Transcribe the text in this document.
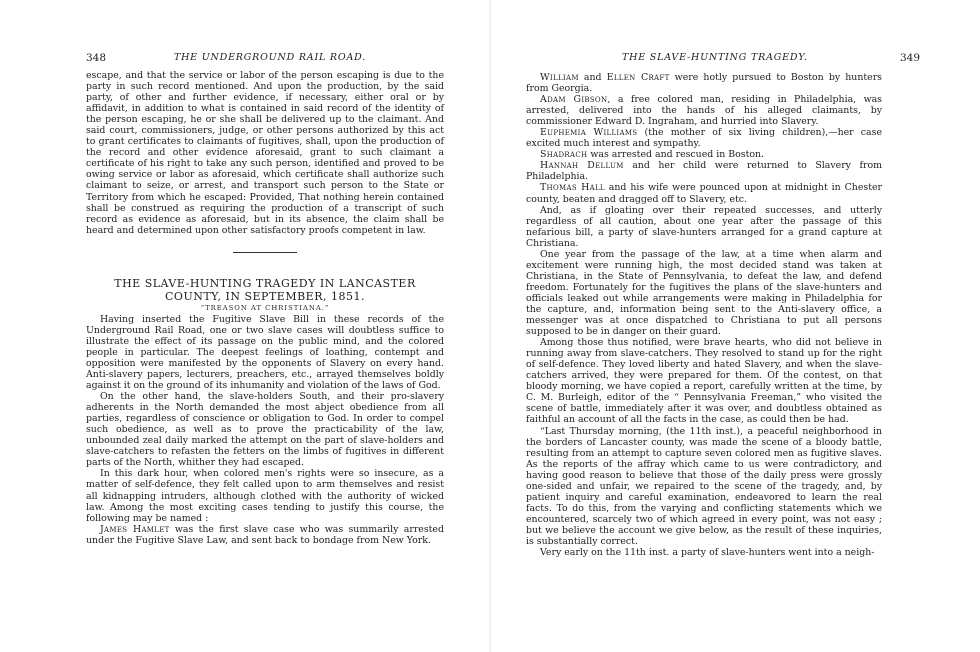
348	THE UNDERGROUND RAIL ROAD.

escape, and that the service or labor of the person escaping is due to the party in such record mentioned. And upon the production, by the said party, of other and further evidence, if necessary, either oral or by affidavit, in addition to what is contained in said record of the identity of the person escaping, he or she shall be delivered up to the claimant. And said court, commissioners, judge, or other persons authorized by this act to grant certificates to claimants of fugitives, shall, upon the production of the record and other evidence aforesaid, grant to such claimant a certificate of his right to take any such person, identified and proved to be owing service or labor as aforesaid, which certificate shall authorize such claimant to seize, or arrest, and transport such person to the State or Territory from which he escaped: Provided, That nothing herein contained shall be construed as requiring the production of a transcript of such record as evidence as aforesaid, but in its absence, the claim shall be heard and determined upon other satisfactory proofs competent in law.

THE SLAVE-HUNTING TRAGEDY IN LANCASTER COUNTY, IN SEPTEMBER, 1851.

“TREASON AT CHRISTIANA.”

Having inserted the Fugitive Slave Bill in these records of the Underground Rail Road, one or two slave cases will doubtless suffice to illustrate the effect of its passage on the public mind, and the colored people in particular. The deepest feelings of loathing, contempt and opposition were manifested by the opponents of Slavery on every hand. Anti-slavery papers, lecturers, preachers, etc., arrayed themselves boldly against it on the ground of its inhumanity and violation of the laws of God.

On the other hand, the slave-holders South, and their pro-slavery adherents in the North demanded the most abject obedience from all parties, regardless of conscience or obligation to God. In order to compel such obedience, as well as to prove the practicability of the law, unbounded zeal daily marked the attempt on the part of slave-holders and slave-catchers to refasten the fetters on the limbs of fugitives in different parts of the North, whither they had escaped.

In this dark hour, when colored men's rights were so insecure, as a matter of self-defence, they felt called upon to arm themselves and resist all kidnapping intruders, although clothed with the authority of wicked law. Among the most exciting cases tending to justify this course, the following may be named :

James Hamlet was the first slave case who was summarily arrested under the Fugitive Slave Law, and sent back to bondage from New York.

THE SLAVE-HUNTING TRAGEDY.	349

William and Ellen Craft were hotly pursued to Boston by hunters from Georgia.

Adam Gibson, a free colored man, residing in Philadelphia, was arrested, delivered into the hands of his alleged claimants, by commissioner Edward D. Ingraham, and hurried into Slavery.

Euphemia Williams (the mother of six living children),—her case excited much interest and sympathy.

Shadrach was arrested and rescued in Boston.

Hannah Dellum and her child were returned to Slavery from Philadelphia.

Thomas Hall and his wife were pounced upon at midnight in Chester county, beaten and dragged off to Slavery, etc.

And, as if gloating over their repeated successes, and utterly regardless of all caution, about one year after the passage of this nefarious bill, a party of slave-hunters arranged for a grand capture at Christiana.

One year from the passage of the law, at a time when alarm and excitement were running high, the most decided stand was taken at Christiana, in the State of Pennsylvania, to defeat the law, and defend freedom. Fortunately for the fugitives the plans of the slave-hunters and officials leaked out while arrangements were making in Philadelphia for the capture, and, information being sent to the Anti-slavery office, a messenger was at once dispatched to Christiana to put all persons supposed to be in danger on their guard.

Among those thus notified, were brave hearts, who did not believe in running away from slave-catchers. They resolved to stand up for the right of self-defence. They loved liberty and hated Slavery, and when the slave-catchers arrived, they were prepared for them. Of the contest, on that bloody morning, we have copied a report, carefully written at the time, by C. M. Burleigh, editor of the “ Pennsylvania Freeman,” who visited the scene of battle, immediately after it was over, and doubtless obtained as faithful an account of all the facts in the case, as could then be had.

“Last Thursday morning, (the 11th inst.), a peaceful neighborhood in the borders of Lancaster county, was made the scene of a bloody battle, resulting from an attempt to capture seven colored men as fugitive slaves. As the reports of the affray which came to us were contradictory, and having good reason to believe that those of the daily press were grossly one-sided and unfair, we repaired to the scene of the tragedy, and, by patient inquiry and careful examination, endeavored to learn the real facts. To do this, from the varying and conflicting statements which we encountered, scarcely two of which agreed in every point, was not easy ; but we believe the account we give below, as the result of these inquiries, is substantially correct.

Very early on the 11th inst. a party of slave-hunters went into a neigh-
